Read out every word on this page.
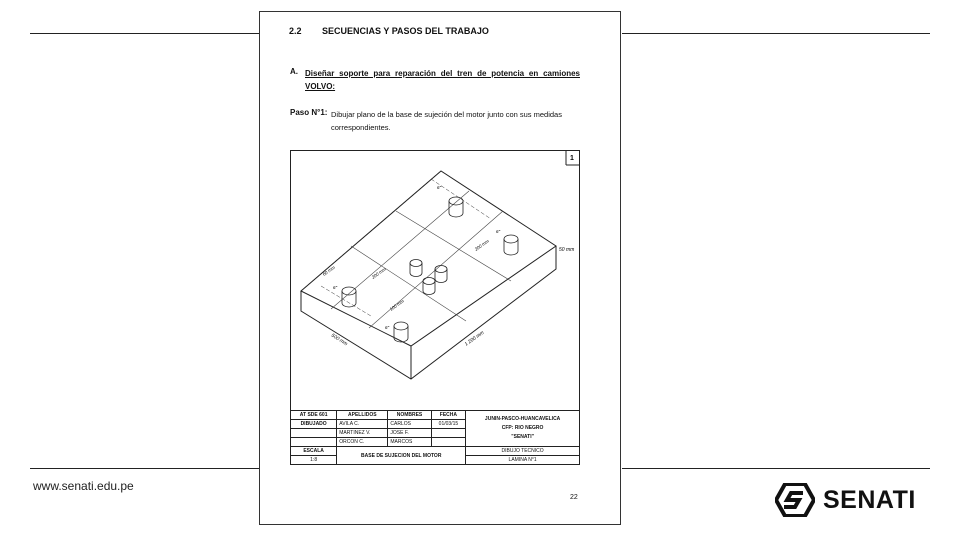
www.senati.edu.pe	SENATI
2.2 SECUENCIAS Y PASOS DEL TRABAJO
A. Diseñar soporte para reparación del tren de potencia en camiones VOLVO:
Paso N°1: Dibujar plano de la base de sujeción del motor junto con sus medidas correspondientes.
1
1 200 mm
500 mm
50 mm
60 mm	200 mm
100 mm
200 mm
6"
6"
6"
6"
AT SDE 601	APELLIDOS	NOMBRES	FECHA	JUNIN-PASCO-HUANCAVELICA
CFP: RIO NEGRO
"SENATI"

DIBUJADO	AVILA C.	CARLOS	01/03/15	
	MARTINEZ V.	JOSE F.		
	ORCON C.	MARCOS		
ESCALA	BASE DE SUJECION DEL MOTOR			DIBUJO TECNICO
1:8				LAMINA N°1
22
